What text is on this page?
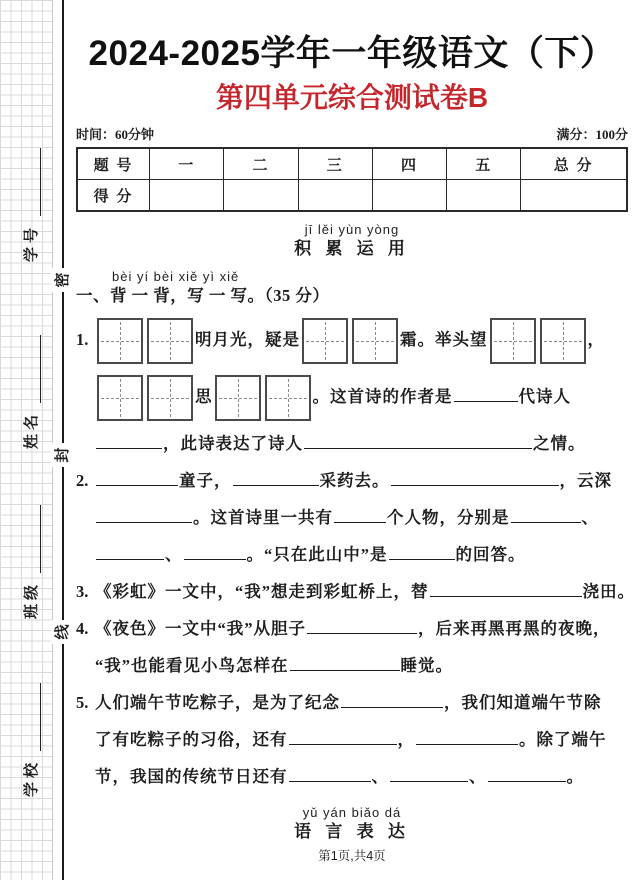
学号
姓名
班级
学校
密
封
线
2024-2025学年一年级语文（下）
第四单元综合测试卷B
时间：60分钟	满分：100分
题 号	一	二	三	四	五	总 分
得 分						
jī lěi yùn yòng
积 累 运 用
bèi yí bèi xiě yì xiě
一、背 一 背，写 一 写。（35 分）
1.	明月光，疑是	霜。举头望	，
思	。这首诗的作者是	代诗人
，此诗表达了诗人	之情。
2.	童子，	采药去。	，云深
。这首诗里一共有	个人物，分别是	、
、	。“只在此山中”是	的回答。
3. 《彩虹》一文中，“我”想走到彩虹桥上，替	浇田。
4. 《夜色》一文中“我”从胆子	，后来再黑再黑的夜晚，
“我”也能看见小鸟怎样在	睡觉。
5. 人们端午节吃粽子，是为了纪念	，我们知道端午节除
了有吃粽子的习俗，还有	，	。除了端午
节，我国的传统节日还有	、	、	。
yǔ yán biǎo dá
语 言 表 达
第1页,共4页
